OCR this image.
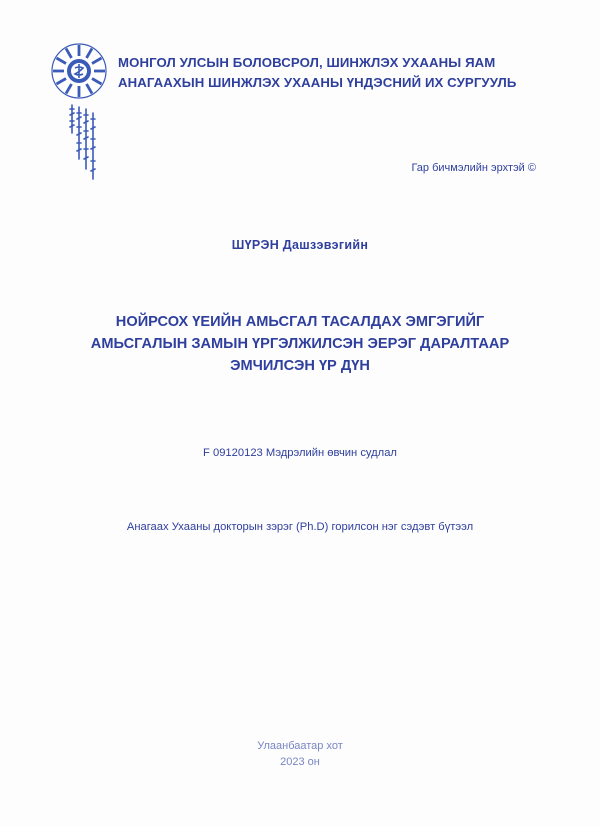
МОНГОЛ УЛСЫН БОЛОВСРОЛ, ШИНЖЛЭХ УХААНЫ ЯАМ
АНАГААХЫН ШИНЖЛЭХ УХААНЫ ҮНДЭСНИЙ ИХ СУРГУУЛЬ
Гар бичмэлийн эрхтэй ©
ШҮРЭН Дашзэвэгийн
НОЙРСОХ ҮЕИЙН АМЬСГАЛ ТАСАЛДАХ ЭМГЭГИЙГ
АМЬСГАЛЫН ЗАМЫН ҮРГЭЛЖИЛСЭН ЭЕРЭГ ДАРАЛТААР
ЭМЧИЛСЭН ҮР ДҮН
F 09120123 Мэдрэлийн өвчин судлал
Анагаах Ухааны докторын зэрэг (Ph.D) горилсон нэг сэдэвт бүтээл
Улаанбаатар хот
2023 он
